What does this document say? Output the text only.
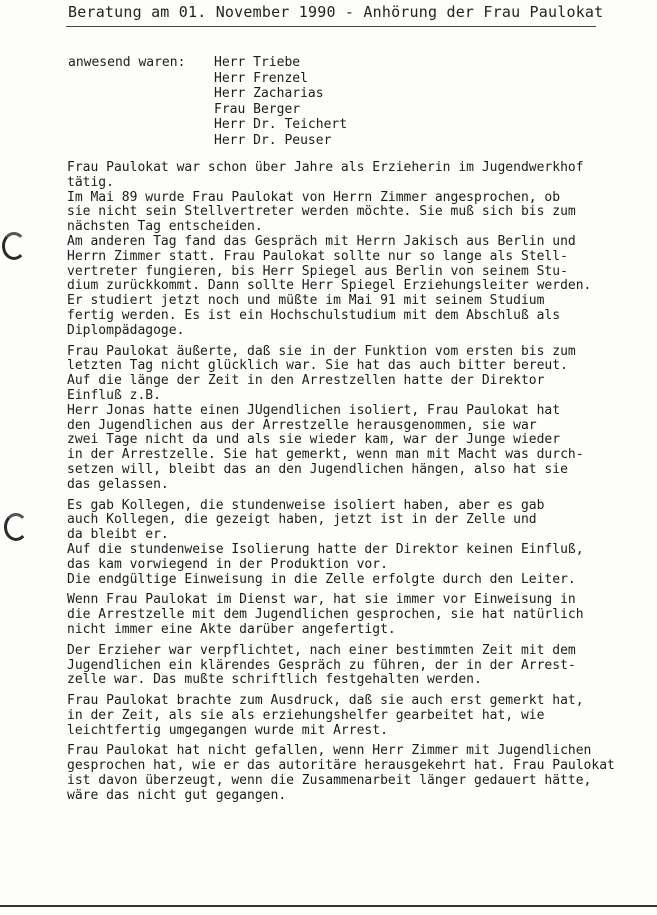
Beratung am 01. November 1990 - Anhörung der Frau Paulokat
anwesend waren:	Herr Triebe
Herr Frenzel
Herr Zacharias
Frau Berger
Herr Dr. Teichert
Herr Dr. Peuser
Frau Paulokat war schon über Jahre als Erzieherin im Jugendwerkhof
tätig.
Im Mai 89 wurde Frau Paulokat von Herrn Zimmer angesprochen, ob
sie nicht sein Stellvertreter werden möchte. Sie muß sich bis zum
nächsten Tag entscheiden.
Am anderen Tag fand das Gespräch mit Herrn Jakisch aus Berlin und
Herrn Zimmer statt. Frau Paulokat sollte nur so lange als Stell-
vertreter fungieren, bis Herr Spiegel aus Berlin von seinem Stu-
dium zurückkommt. Dann sollte Herr Spiegel Erziehungsleiter werden.
Er studiert jetzt noch und müßte im Mai 91 mit seinem Studium
fertig werden. Es ist ein Hochschulstudium mit dem Abschluß als
Diplompädagoge.
Frau Paulokat äußerte, daß sie in der Funktion vom ersten bis zum
letzten Tag nicht glücklich war. Sie hat das auch bitter bereut.
Auf die länge der Zeit in den Arrestzellen hatte der Direktor
Einfluß z.B.
Herr Jonas hatte einen JUgendlichen isoliert, Frau Paulokat hat
den Jugendlichen aus der Arrestzelle herausgenommen, sie war
zwei Tage nicht da und als sie wieder kam, war der Junge wieder
in der Arrestzelle. Sie hat gemerkt, wenn man mit Macht was durch-
setzen will, bleibt das an den Jugendlichen hängen, also hat sie
das gelassen.
Es gab Kollegen, die stundenweise isoliert haben, aber es gab
auch Kollegen, die gezeigt haben, jetzt ist in der Zelle und
da bleibt er.
Auf die stundenweise Isolierung hatte der Direktor keinen Einfluß,
das kam vorwiegend in der Produktion vor.
Die endgültige Einweisung in die Zelle erfolgte durch den Leiter.
Wenn Frau Paulokat im Dienst war, hat sie immer vor Einweisung in
die Arrestzelle mit dem Jugendlichen gesprochen, sie hat natürlich
nicht immer eine Akte darüber angefertigt.
Der Erzieher war verpflichtet, nach einer bestimmten Zeit mit dem
Jugendlichen ein klärendes Gespräch zu führen, der in der Arrest-
zelle war. Das mußte schriftlich festgehalten werden.
Frau Paulokat brachte zum Ausdruck, daß sie auch erst gemerkt hat,
in der Zeit, als sie als erziehungshelfer gearbeitet hat, wie
leichtfertig umgegangen wurde mit Arrest.
Frau Paulokat hat nicht gefallen, wenn Herr Zimmer mit Jugendlichen
gesprochen hat, wie er das autoritäre herausgekehrt hat. Frau Paulokat
ist davon überzeugt, wenn die Zusammenarbeit länger gedauert hätte,
wäre das nicht gut gegangen.
